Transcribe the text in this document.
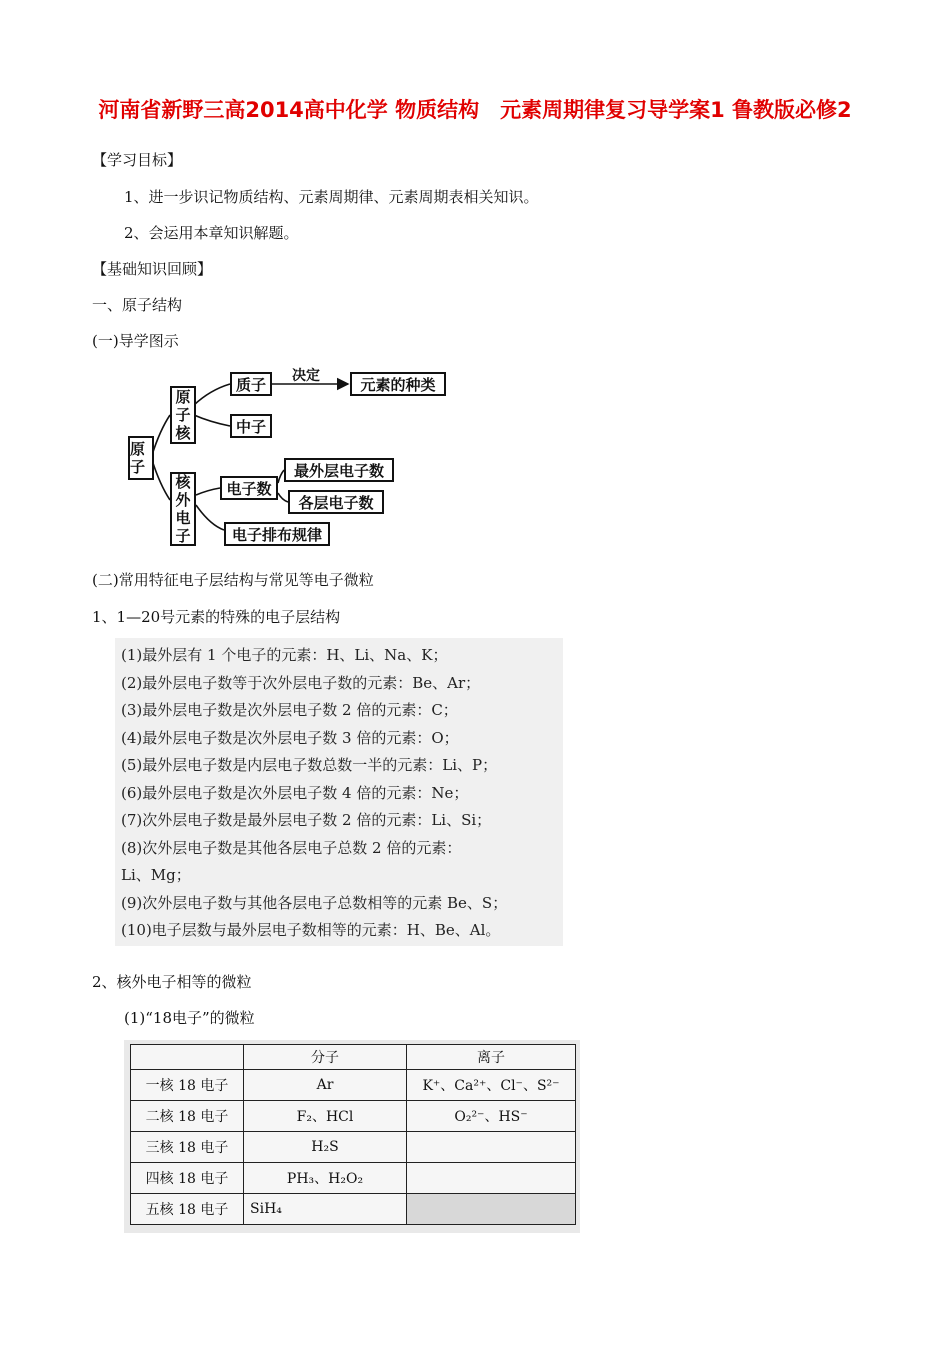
河南省新野三高2014高中化学 物质结构　元素周期律复习导学案1 鲁教版必修2
【学习目标】
1、进一步识记物质结构、元素周期律、元素周期表相关知识。
2、会运用本章知识解题。
【基础知识回顾】
一、原子结构
(一)导学图示
原子
原子核
核外电子
质子
中子
决定	元素的种类
电子数
最外层电子数
各层电子数
电子排布规律
(二)常用特征电子层结构与常见等电子微粒
1、1—20号元素的特殊的电子层结构
(1)最外层有 1 个电子的元素：H、Li、Na、K；
(2)最外层电子数等于次外层电子数的元素：Be、Ar；
(3)最外层电子数是次外层电子数 2 倍的元素：C；
(4)最外层电子数是次外层电子数 3 倍的元素：O；
(5)最外层电子数是内层电子数总数一半的元素：Li、P；
(6)最外层电子数是次外层电子数 4 倍的元素：Ne；
(7)次外层电子数是最外层电子数 2 倍的元素：Li、Si；
(8)次外层电子数是其他各层电子总数 2 倍的元素：
Li、Mg；
(9)次外层电子数与其他各层电子总数相等的元素 Be、S；
(10)电子层数与最外层电子数相等的元素：H、Be、Al。
2、核外电子相等的微粒
(1)“18电子”的微粒
	分子	离子
一核 18 电子	Ar	K⁺、Ca²⁺、Cl⁻、S²⁻
二核 18 电子	F₂、HCl	O₂²⁻、HS⁻
三核 18 电子	H₂S	
四核 18 电子	PH₃、H₂O₂	
五核 18 电子	SiH₄	
